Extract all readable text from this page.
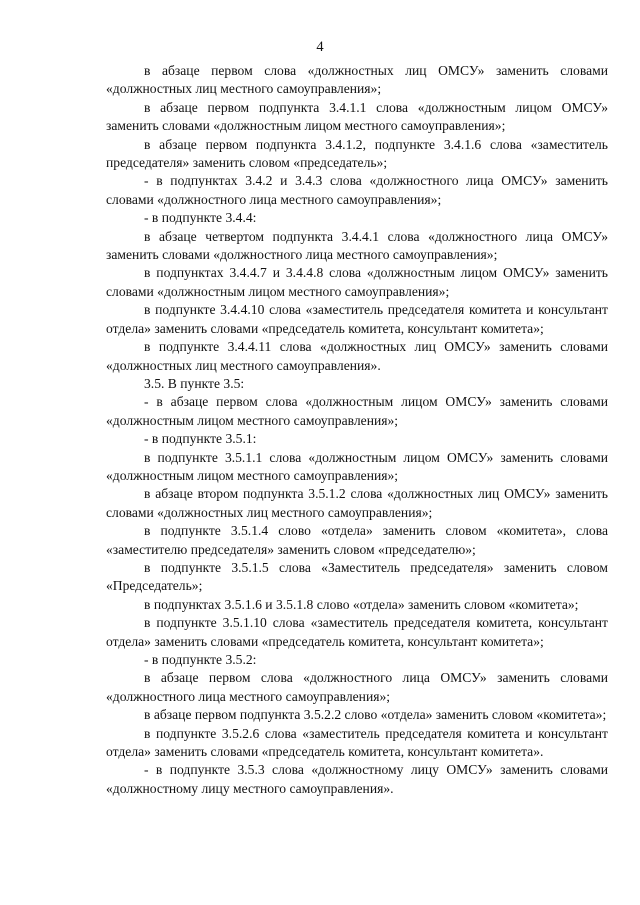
4

в абзаце первом слова «должностных лиц ОМСУ» заменить словами «должностных лиц местного самоуправления»;

в абзаце первом подпункта 3.4.1.1 слова «должностным лицом ОМСУ» заменить словами «должностным лицом местного самоуправления»;

в абзаце первом подпункта 3.4.1.2, подпункте 3.4.1.6 слова «заместитель председателя» заменить словом «председатель»;

- в подпунктах 3.4.2 и 3.4.3 слова «должностного лица ОМСУ» заменить словами «должностного лица местного самоуправления»;

- в подпункте 3.4.4:

в абзаце четвертом подпункта 3.4.4.1 слова «должностного лица ОМСУ» заменить словами «должностного лица местного самоуправления»;

в подпунктах 3.4.4.7 и 3.4.4.8 слова «должностным лицом ОМСУ» заменить словами «должностным лицом местного самоуправления»;

в подпункте 3.4.4.10 слова «заместитель председателя комитета и консультант отдела» заменить словами «председатель комитета, консультант комитета»;

в подпункте 3.4.4.11 слова «должностных лиц ОМСУ» заменить словами «должностных лиц местного самоуправления».

3.5. В пункте 3.5:

- в абзаце первом слова «должностным лицом ОМСУ» заменить словами «должностным лицом местного самоуправления»;

- в подпункте 3.5.1:

в подпункте 3.5.1.1 слова «должностным лицом ОМСУ» заменить словами «должностным лицом местного самоуправления»;

в абзаце втором подпункта 3.5.1.2 слова «должностных лиц ОМСУ» заменить словами «должностных лиц местного самоуправления»;

в подпункте 3.5.1.4 слово «отдела» заменить словом «комитета», слова «заместителю председателя» заменить словом «председателю»;

в подпункте 3.5.1.5 слова «Заместитель председателя» заменить словом «Председатель»;

в подпунктах 3.5.1.6 и 3.5.1.8 слово «отдела» заменить словом «комитета»;

в подпункте 3.5.1.10 слова «заместитель председателя комитета, консультант отдела» заменить словами «председатель комитета, консультант комитета»;

- в подпункте 3.5.2:

в абзаце первом слова «должностного лица ОМСУ» заменить словами «должностного лица местного самоуправления»;

в абзаце первом подпункта 3.5.2.2 слово «отдела» заменить словом «комитета»;

в подпункте 3.5.2.6 слова «заместитель председателя комитета и консультант отдела» заменить словами «председатель комитета, консультант комитета».

- в подпункте 3.5.3 слова «должностному лицу ОМСУ» заменить словами «должностному лицу местного самоуправления».
